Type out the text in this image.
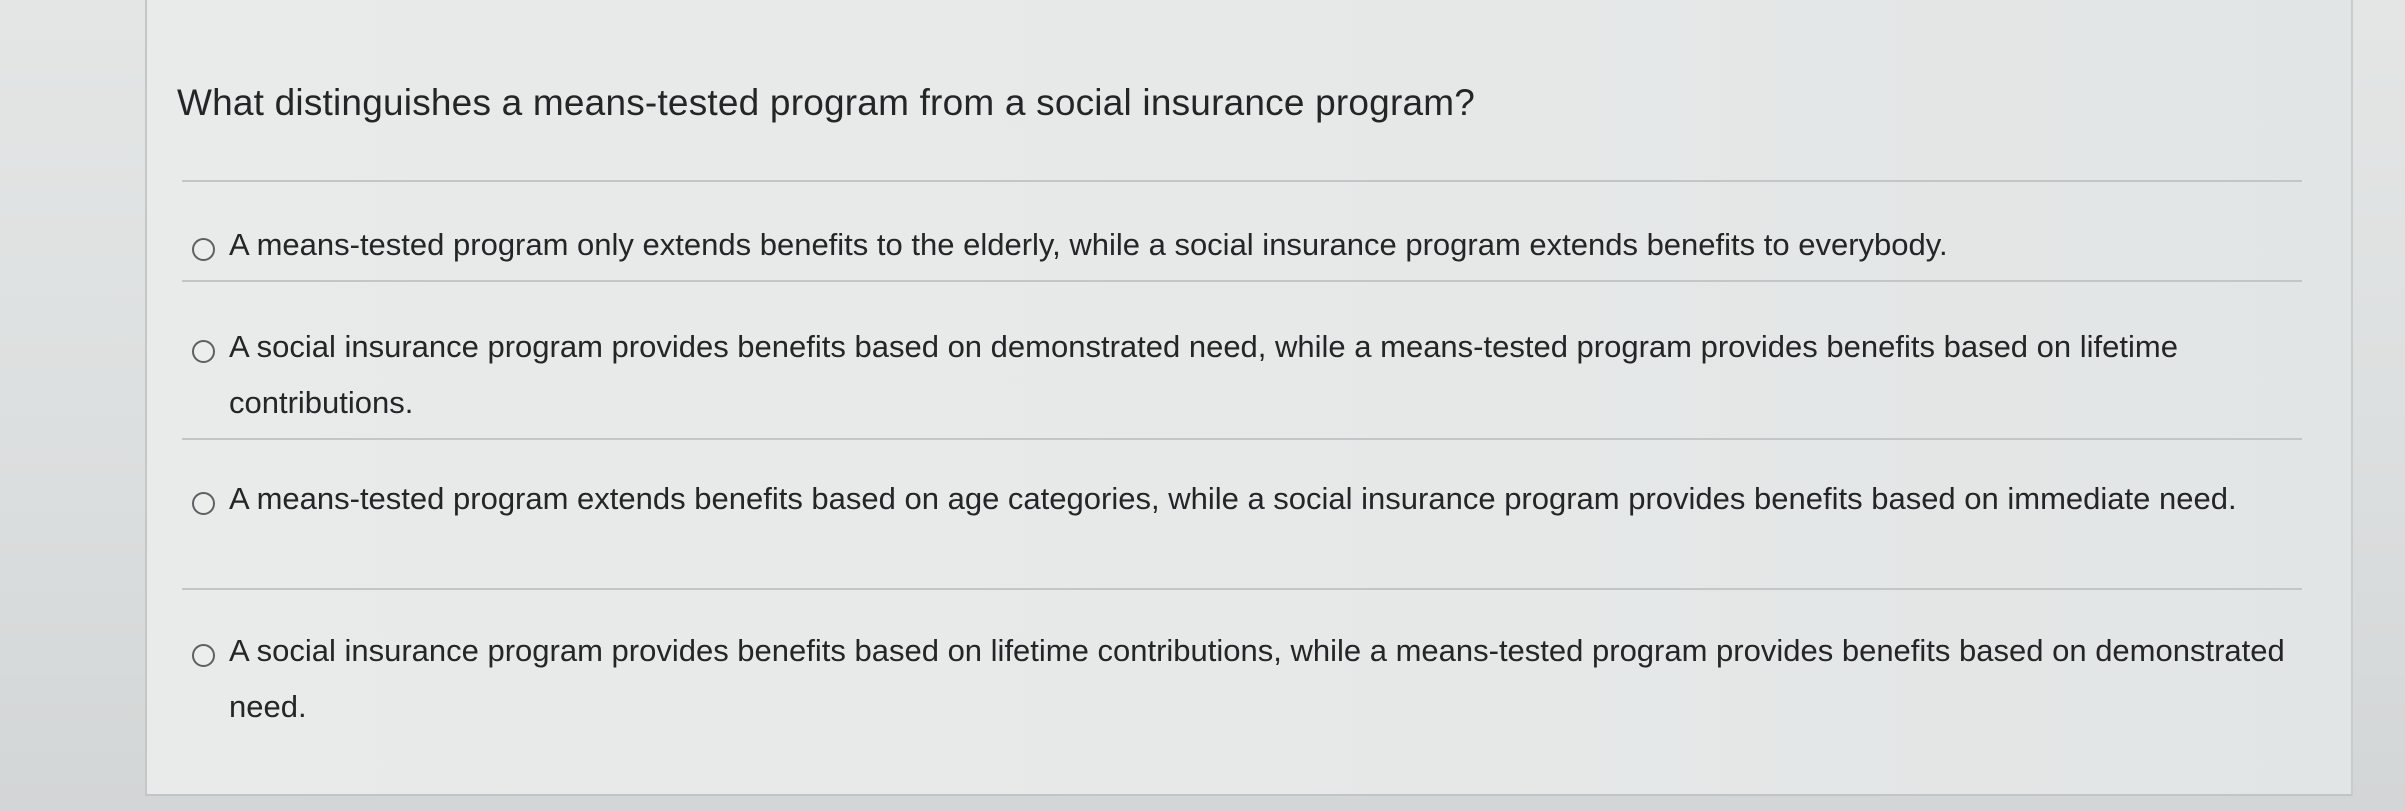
What distinguishes a means-tested program from a social insurance program?
A means-tested program only extends benefits to the elderly, while a social insurance program extends benefits to everybody.
A social insurance program provides benefits based on demonstrated need, while a means-tested program provides benefits based on lifetime contributions.
A means-tested program extends benefits based on age categories, while a social insurance program provides benefits based on immediate need.
A social insurance program provides benefits based on lifetime contributions, while a means-tested program provides benefits based on demonstrated need.
